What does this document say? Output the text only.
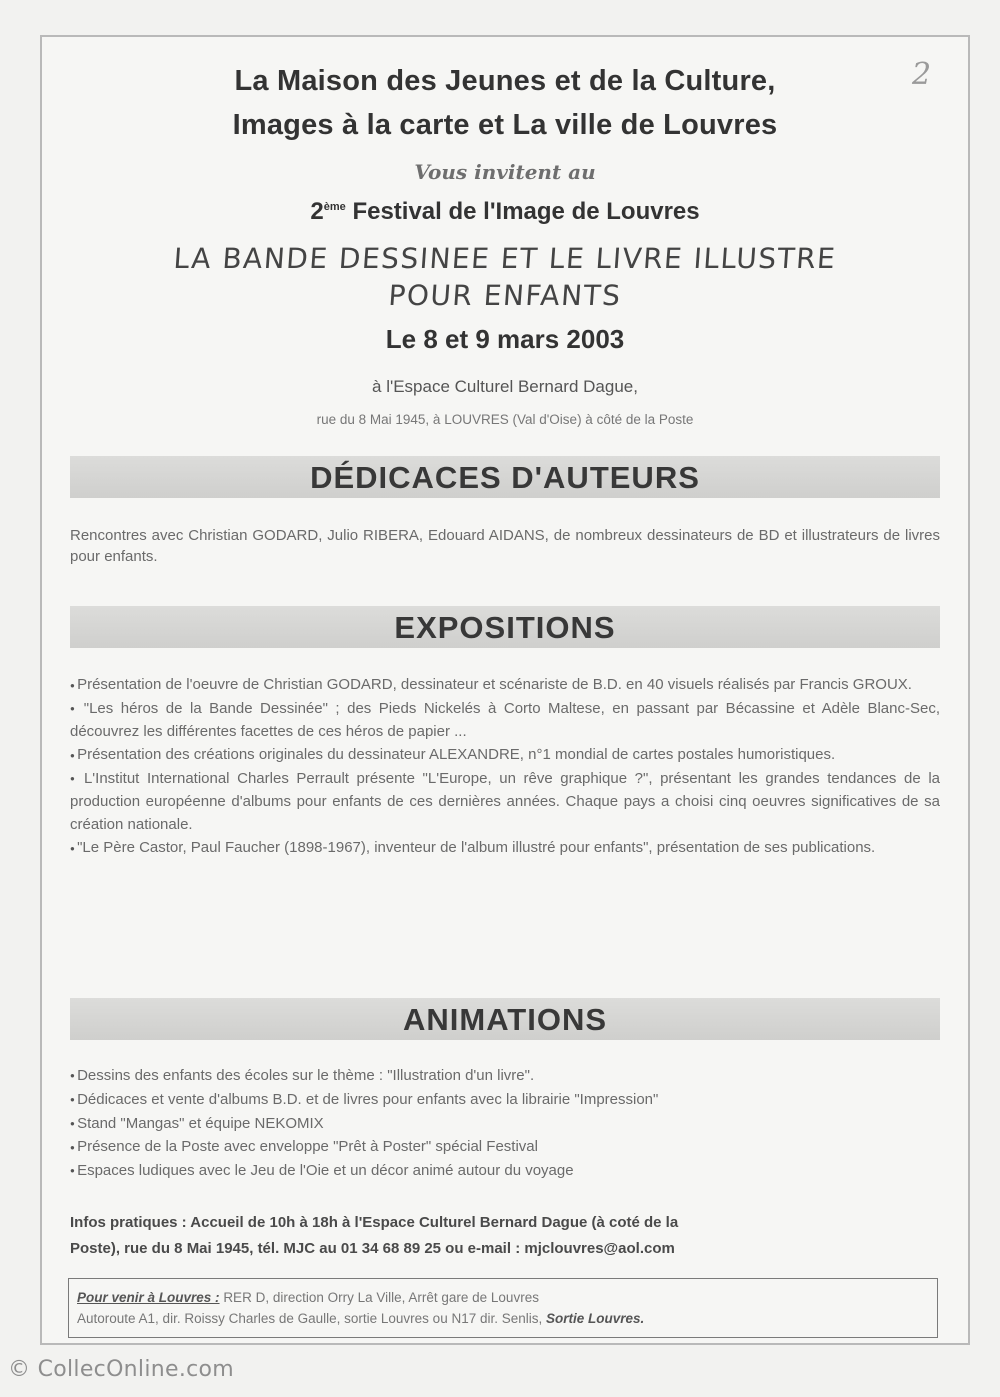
2
La Maison des Jeunes et de la Culture,
Images à la carte et La ville de Louvres
Vous invitent au
2ème Festival de l'Image de Louvres
LA BANDE DESSINEE ET LE LIVRE ILLUSTRE
POUR ENFANTS
Le 8 et 9 mars 2003
à l'Espace Culturel Bernard Dague,
rue du 8 Mai 1945, à LOUVRES (Val d'Oise) à côté de la Poste
DÉDICACES D'AUTEURS
Rencontres avec Christian GODARD, Julio RIBERA, Edouard AIDANS, de nombreux dessinateurs de BD et illustrateurs de livres pour enfants.
EXPOSITIONS
● Présentation de l'oeuvre de Christian GODARD, dessinateur et scénariste de B.D. en 40 visuels réalisés par Francis GROUX.
● "Les héros de la Bande Dessinée" ; des Pieds Nickelés à Corto Maltese, en passant par Bécassine et Adèle Blanc-Sec, découvrez les différentes facettes de ces héros de papier ...
● Présentation des créations originales du dessinateur ALEXANDRE, n°1 mondial de cartes postales humoristiques.
● L'Institut International Charles Perrault présente "L'Europe, un rêve graphique ?", présentant les grandes tendances de la production européenne d'albums pour enfants de ces dernières années. Chaque pays a choisi cinq oeuvres significatives de sa création nationale.
● "Le Père Castor, Paul Faucher (1898-1967), inventeur de l'album illustré pour enfants", présentation de ses publications.
ANIMATIONS
● Dessins des enfants des écoles sur le thème : "Illustration d'un livre".
● Dédicaces et vente d'albums B.D. et de livres pour enfants avec la librairie "Impression"
● Stand "Mangas" et équipe NEKOMIX
● Présence de la Poste avec enveloppe "Prêt à Poster" spécial Festival
● Espaces ludiques avec le Jeu de l'Oie et un décor animé autour du voyage
Infos pratiques : Accueil de 10h à 18h à l'Espace Culturel Bernard Dague (à coté de la
Poste), rue du 8 Mai 1945, tél. MJC au 01 34 68 89 25 ou e-mail : mjclouvres@aol.com
Pour venir à Louvres : RER D, direction Orry La Ville, Arrêt gare de Louvres
Autoroute A1, dir. Roissy Charles de Gaulle, sortie Louvres ou N17 dir. Senlis, Sortie Louvres.
© ColleсOnline.com
